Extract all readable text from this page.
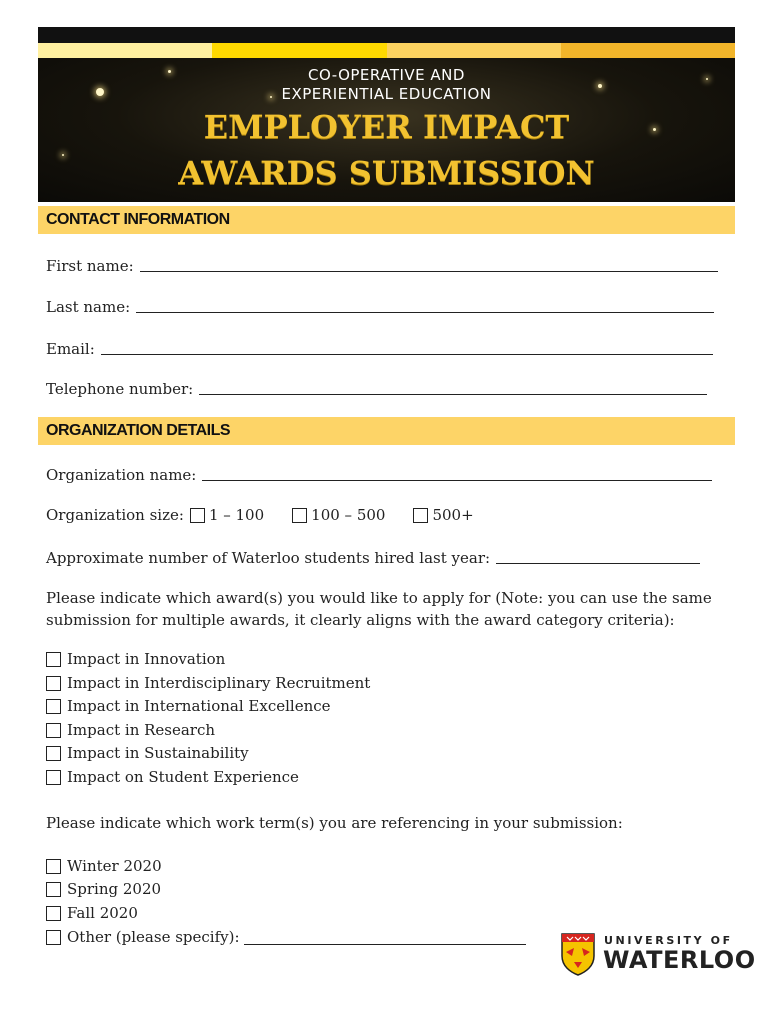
CO-OPERATIVE AND
EXPERIENTIAL EDUCATION
EMPLOYER IMPACT
AWARDS SUBMISSION
CONTACT INFORMATION
First name:
Last name:
Email:
Telephone number:
ORGANIZATION DETAILS
Organization name:
Organization size:	1 – 100	100 – 500	500+
Approximate number of Waterloo students hired last year:
Please indicate which award(s) you would like to apply for (Note: you can use the same submission for multiple awards, it clearly aligns with the award category criteria):
Impact in Innovation
Impact in Interdisciplinary Recruitment
Impact in International Excellence
Impact in Research
Impact in Sustainability
Impact on Student Experience
Please indicate which work term(s) you are referencing in your submission:
Winter 2020
Spring 2020
Fall 2020
Other (please specify):	UNIVERSITY OF
WATERLOO
